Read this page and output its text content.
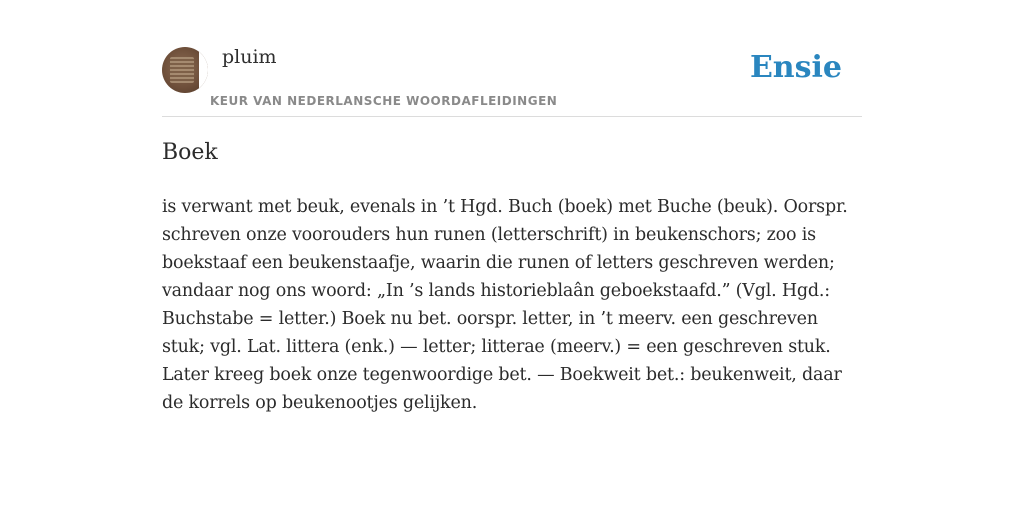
pluim
KEUR VAN NEDERLANSCHE WOORDAFLEIDINGEN
Ensie
Boek

is verwant met beuk, evenals in ’t Hgd. Buch (boek) met Buche (beuk). Oorspr. schreven onze voorouders hun runen (letterschrift) in beukenschors; zoo is boekstaaf een beukenstaafje, waarin die runen of letters geschreven werden; vandaar nog ons woord: „In ’s lands historieblaân geboekstaafd.” (Vgl. Hgd.: Buchstabe = letter.) Boek nu bet. oorspr. letter, in ’t meerv. een geschreven stuk; vgl. Lat. littera (enk.) — letter; litterae (meerv.) = een geschreven stuk. Later kreeg boek onze tegenwoordige bet. — Boekweit bet.: beukenweit, daar de korrels op beukenootjes gelijken.
